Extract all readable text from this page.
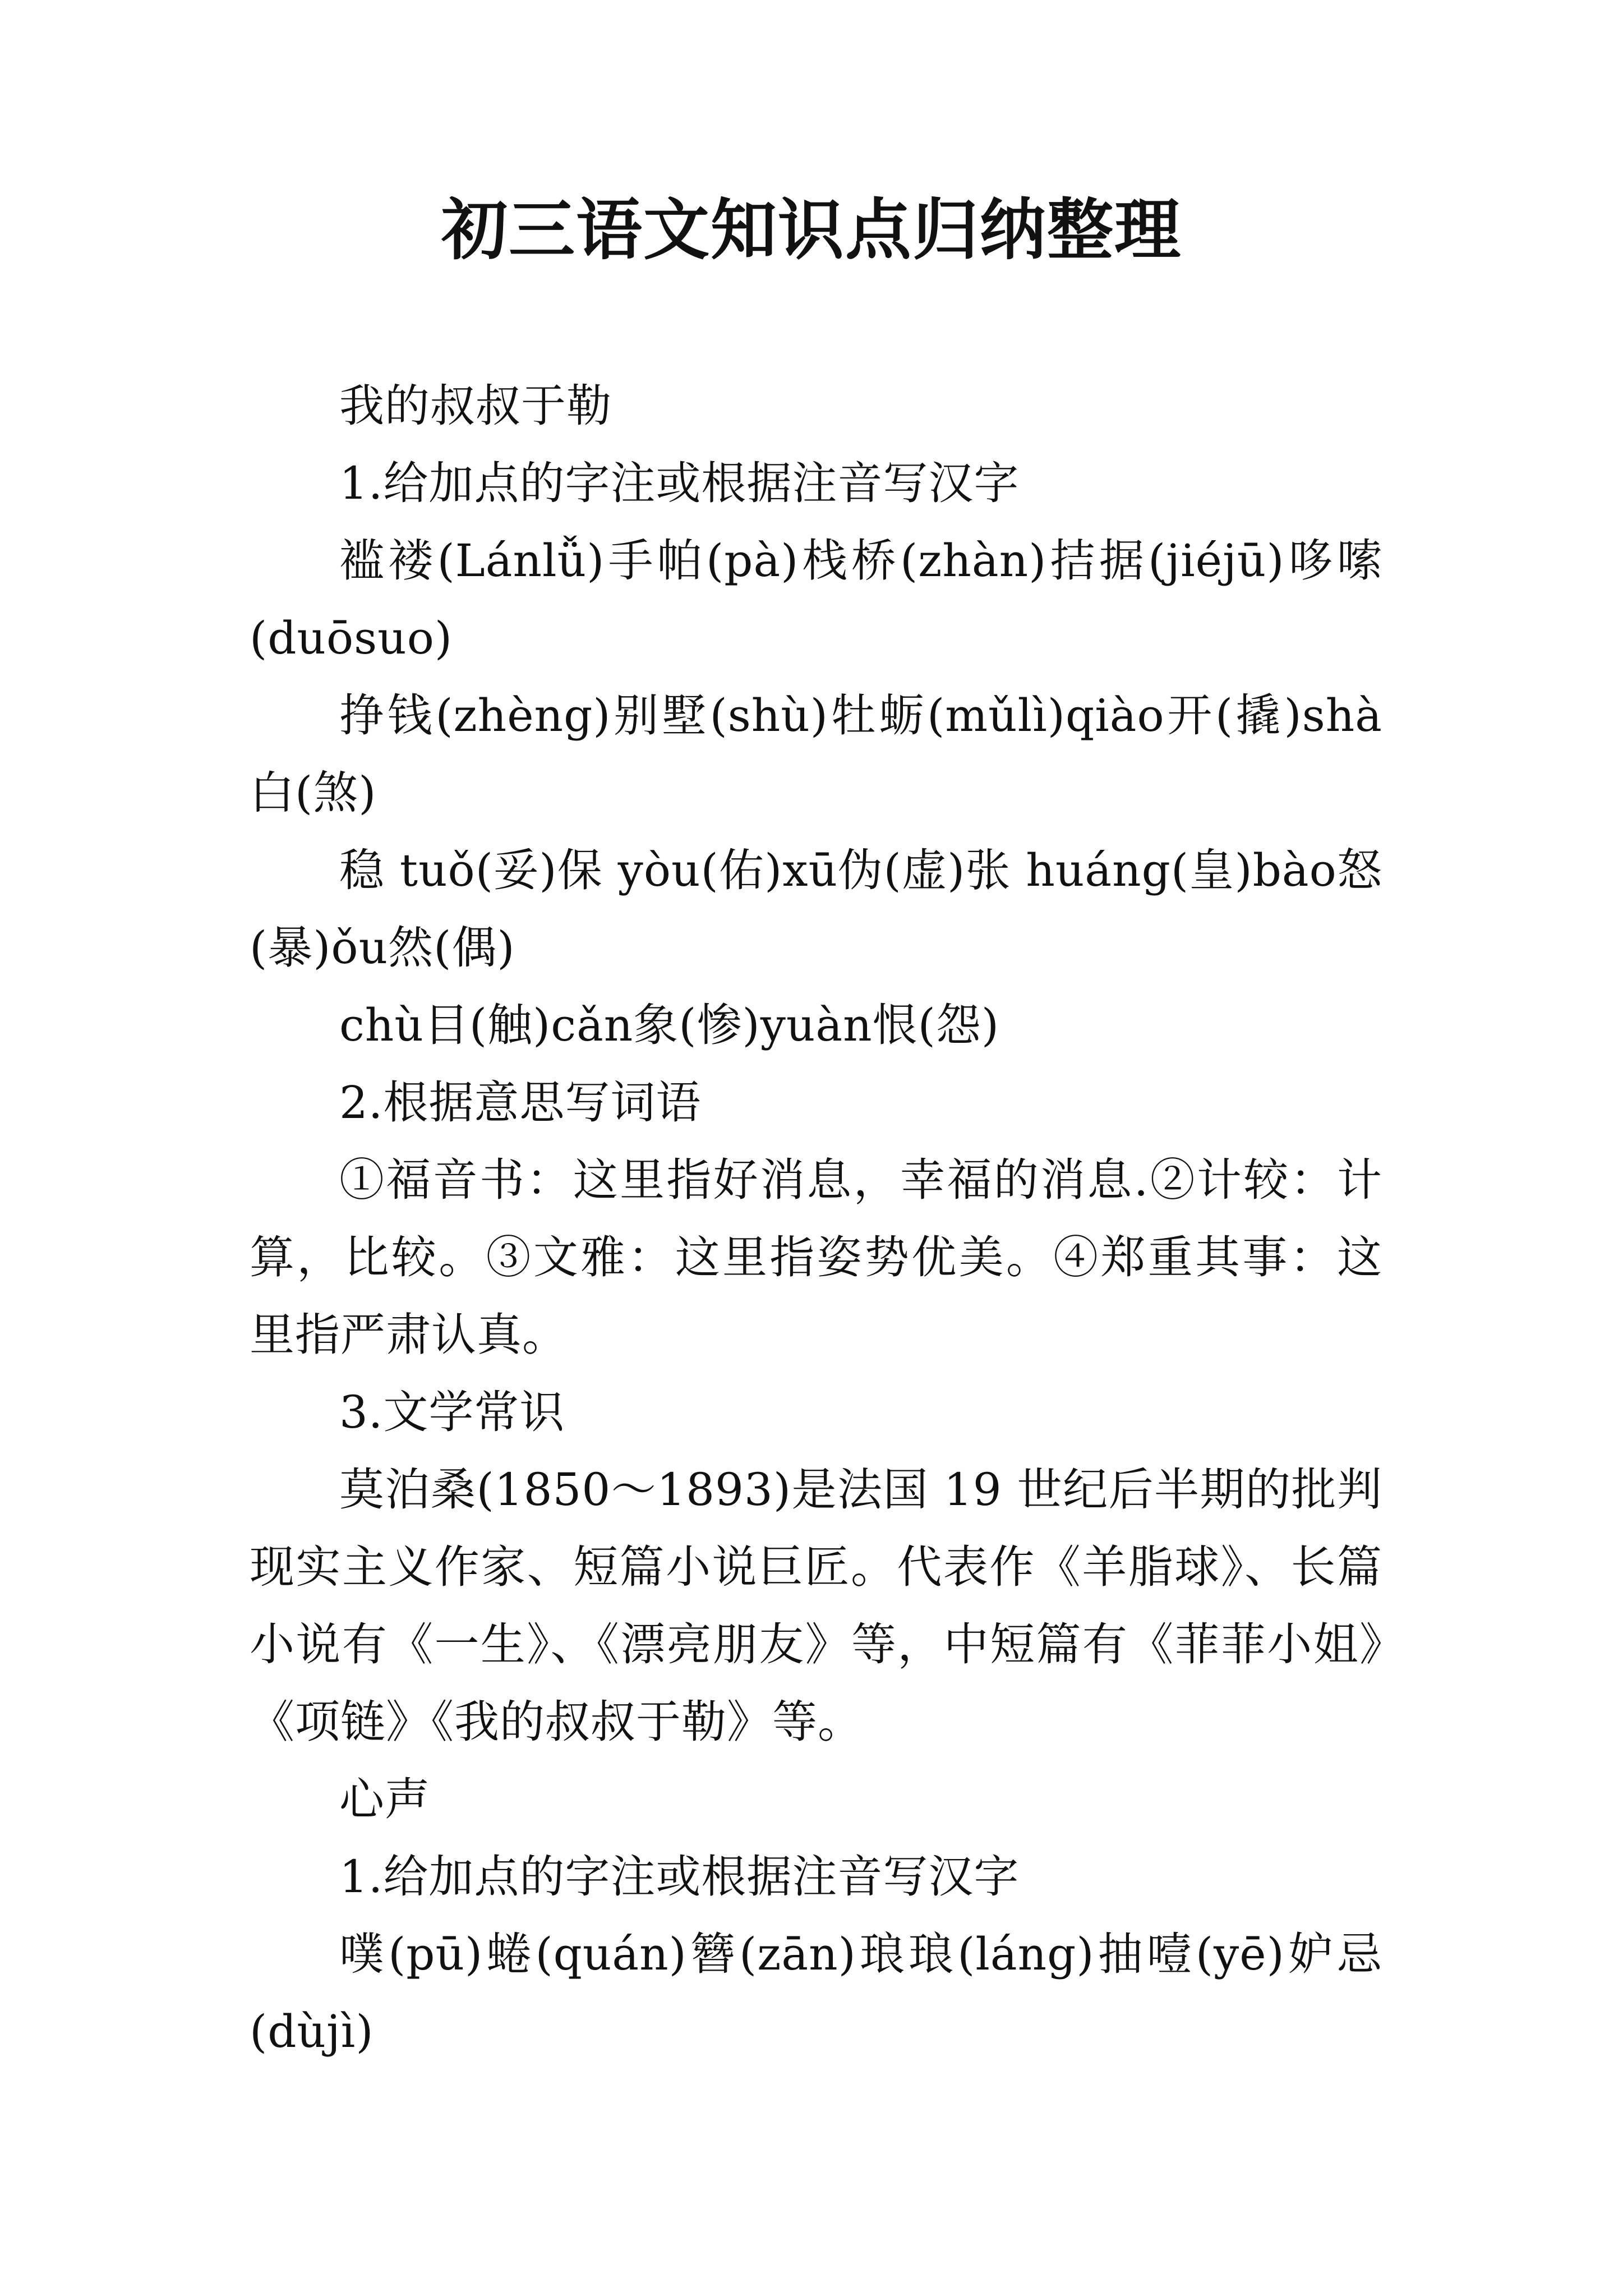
初三语文知识点归纳整理

我的叔叔于勒

1.给加点的字注或根据注音写汉字

褴褛(Lánlǚ)手帕(pà)栈桥(zhàn)拮据(jiéjū)哆嗦(duōsuo)

挣钱(zhèng)别墅(shù)牡蛎(mǔlì)qiào开(撬)shà白(煞)

稳 tuǒ(妥)保 yòu(佑)xū伪(虚)张 huáng(皇)bào怒(暴)ǒu然(偶)

chù目(触)cǎn象(惨)yuàn恨(怨)

2.根据意思写词语

①福音书：这里指好消息，幸福的消息.②计较：计算，比较。③文雅：这里指姿势优美。④郑重其事：这里指严肃认真。

3.文学常识

莫泊桑(1850～1893)是法国 19 世纪后半期的批判现实主义作家、短篇小说巨匠。代表作《羊脂球》、长篇小说有《一生》、《漂亮朋友》等，中短篇有《菲菲小姐》《项链》《我的叔叔于勒》等。

心声

1.给加点的字注或根据注音写汉字

噗(pū)蜷(quán)簪(zān)琅琅(láng)抽噎(yē)妒忌(dùjì)
